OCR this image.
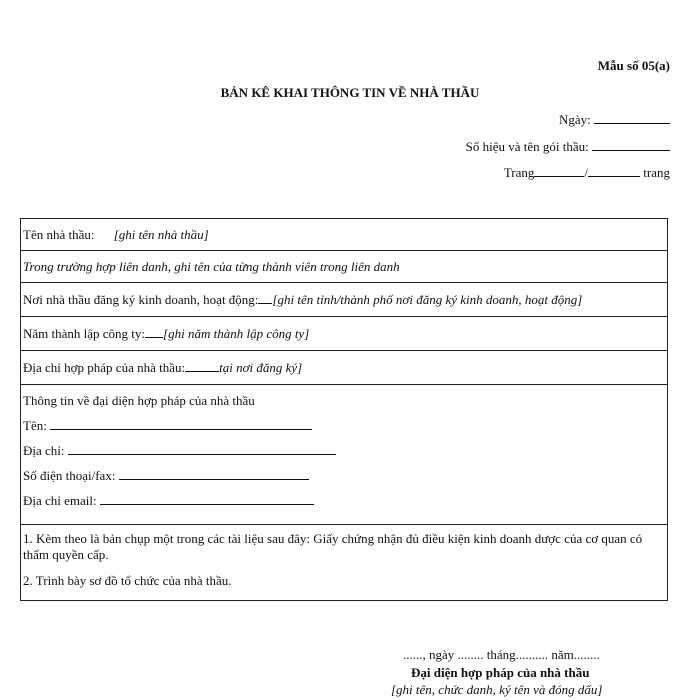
Mẫu số 05(a)
BẢN KÊ KHAI THÔNG TIN VỀ NHÀ THẦU
Ngày:
Số hiệu và tên gói thầu:
Trang	/	trang
Tên nhà thầu: [ghi tên nhà thầu]
Trong trường hợp liên danh, ghi tên của từng thành viên trong liên danh
Nơi nhà thầu đăng ký kinh doanh, hoạt động: [ghi tên tỉnh/thành phố nơi đăng ký kinh doanh, hoạt động]
Năm thành lập công ty: [ghi năm thành lập công ty]
Địa chỉ hợp pháp của nhà thầu:	tại nơi đăng ký]

Thông tin về đại diện hợp pháp của nhà thầu
Tên:
Địa chỉ:
Số điện thoại/fax:
Địa chỉ email:

1. Kèm theo là bản chụp một trong các tài liệu sau đây: Giấy chứng nhận đủ điều kiện kinh doanh dược của cơ quan có thẩm quyền cấp.
2. Trình bày sơ đồ tổ chức của nhà thầu.
......, ngày ........ tháng.......... năm........
Đại diện hợp pháp của nhà thầu
[ghi tên, chức danh, ký tên và đóng dấu]
